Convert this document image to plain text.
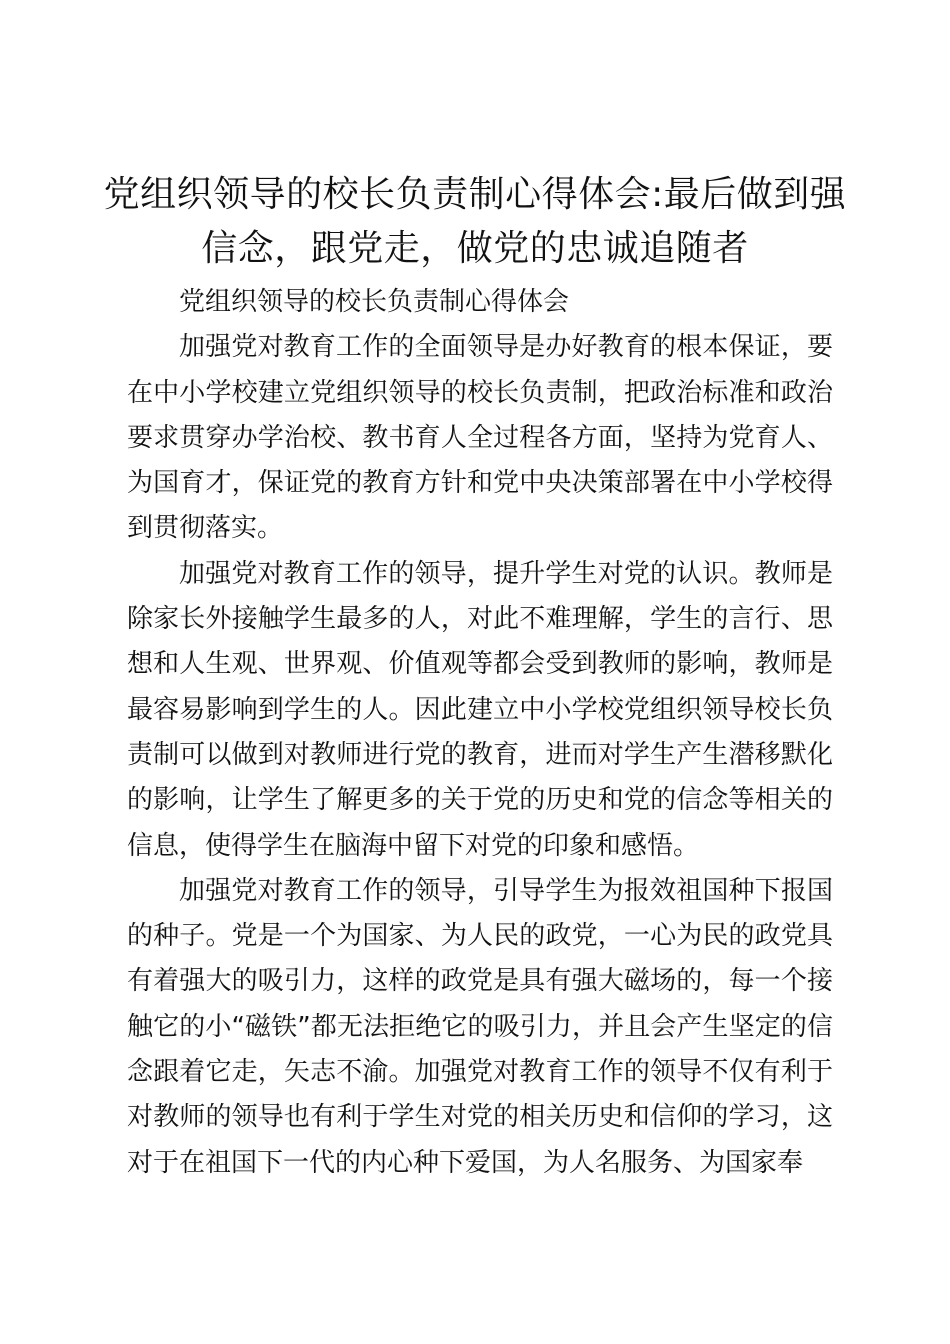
党组织领导的校长负责制心得体会:最后做到强信念，跟党走，做党的忠诚追随者

党组织领导的校长负责制心得体会

加强党对教育工作的全面领导是办好教育的根本保证，要在中小学校建立党组织领导的校长负责制，把政治标准和政治要求贯穿办学治校、教书育人全过程各方面，坚持为党育人、为国育才，保证党的教育方针和党中央决策部署在中小学校得到贯彻落实。

加强党对教育工作的领导，提升学生对党的认识。教师是除家长外接触学生最多的人，对此不难理解，学生的言行、思想和人生观、世界观、价值观等都会受到教师的影响，教师是最容易影响到学生的人。因此建立中小学校党组织领导校长负责制可以做到对教师进行党的教育，进而对学生产生潜移默化的影响，让学生了解更多的关于党的历史和党的信念等相关的信息，使得学生在脑海中留下对党的印象和感悟。

加强党对教育工作的领导，引导学生为报效祖国种下报国的种子。党是一个为国家、为人民的政党，一心为民的政党具有着强大的吸引力，这样的政党是具有强大磁场的，每一个接触它的小“磁铁”都无法拒绝它的吸引力，并且会产生坚定的信念跟着它走，矢志不渝。加强党对教育工作的领导不仅有利于对教师的领导也有利于学生对党的相关历史和信仰的学习，这对于在祖国下一代的内心种下爱国，为人名服务、为国家奉
